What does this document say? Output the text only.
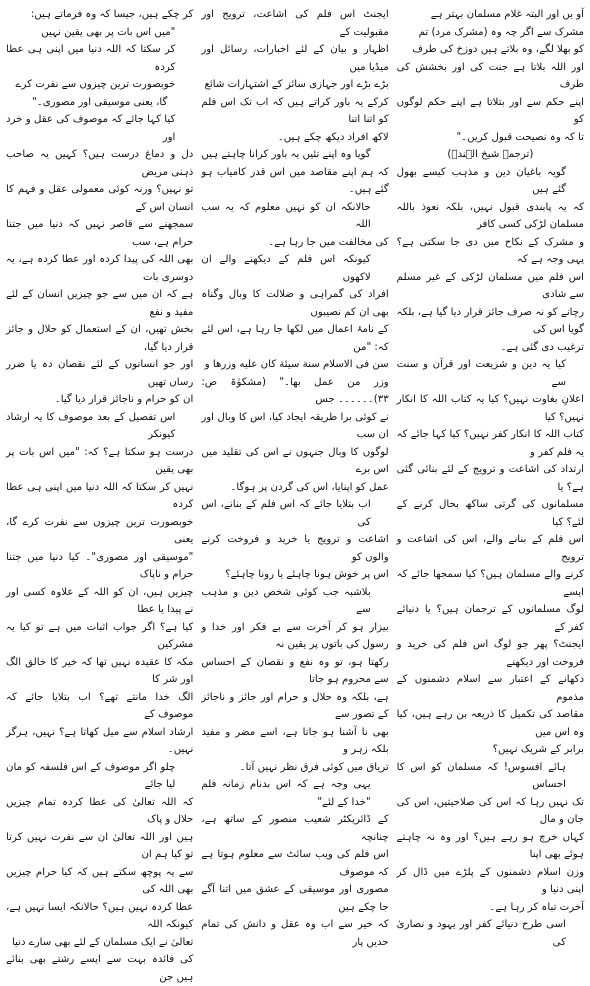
آو یں اور البتہ غلام مسلمان بہتر ہے

مشرک سے اگر چہ وہ (مشرک مرد) تم

کو بھلا لگے، وہ بلاتے ہیں دوزخ کی طرف

اور اللہ بلاتا ہے جنت کی اور بخشش کی طرف

اپنے حکم سے اور بتلاتا ہے اپنے حکم لوگوں کو

تا کہ وہ نصیحت قبول کریں۔"

(ترجمہ شیخ الہندؒ)

گویہ باغیان دین و مذہب کیسے بھول گئے ہیں

کہ یہ پابندی قبول نہیں، بلکہ نعوذ باللہ مسلمان لڑکی کسی کافر

و مشرک کے نکاح میں دی جا سکتی ہے؟ یہی وجہ ہے کہ

اس فلم میں مسلمان لڑکی کے غیر مسلم سے شادی

رچانے کو نہ صرف جائز قرار دیا گیا ہے، بلکہ گویا اس کی

ترغیب دی گئی ہے۔

کیا یہ دین و شریعت اور قرآن و سنت سے

اعلانِ بغاوت نہیں؟ کیا یہ کتاب اللہ کا انکار نہیں؟ کیا

کتاب اللہ کا انکار کفر نہیں؟ کیا کہا جائے کہ یہ فلم کفر و

ارتداد کی اشاعت و ترویج کے لئے بنائی گئی ہے؟ یا

مسلمانوں کی گرتی ساکھ بحال کرنے کے لئے؟ کیا

اس فلم کے بنانے والے، اس کی اشاعت و ترویج

کرنے والے مسلمان ہیں؟ کیا سمجھا جائے کہ ایسے

لوگ مسلمانوں کے ترجمان ہیں؟ یا دنیائے کفر کے

ایجنٹ؟ پھر جو لوگ اس فلم کی خرید و فروخت اور دیکھنے

دکھانے کے اعتبار سے اسلام دشمنوں کے مذموم

مقاصد کی تکمیل کا ذریعہ بن رہے ہیں، کیا وہ اس میں

برابر کے شریک نہیں؟

ہائے افسوس! کہ مسلمان کو اس کا احساس

تک نہیں رہا کہ اس کی صلاحیتیں، اس کی جان و مال

کہاں خرچ ہو رہے ہیں؟ اور وہ نہ چاہتے ہوئے بھی اپنا

وزن اسلام دشمنوں کے پلڑے میں ڈال کر اپنی دنیا و

آخرت تباہ کر رہا ہے۔

اسی طرح دنیائے کفر اور یہود و نصاریٰ کی

ایجنٹ اس فلم کی اشاعت، ترویج اور مقبولیت کے

اظہار و بیان کے لئے اخبارات، رسائل اور میڈیا میں

بڑے بڑے اور جہازی سائز کے اشتہارات شائع

کرکے یہ باور کراتے ہیں کہ اب تک اس فلم کو اتنا اتنا

لاکھ افراد دیکھ چکے ہیں۔

گویا وہ اپنے تئیں یہ باور کرانا چاہتے ہیں

کہ ہم اپنے مقاصد میں اس قدر کامیاب ہو گئے ہیں۔

حالانکہ ان کو نہیں معلوم کہ یہ سب اللہ

کی مخالفت میں جا رہا ہے۔

کیونکہ اس فلم کے دیکھنے والے ان لاکھوں

افراد کی گمراہی و ضلالت کا وبال وگناہ بھی ان کم نصیبوں

کے نامۂ اعمال میں لکھا جا رہا ہے، اس لئے کہ: "من

سن فی الاسلام سنة سیئة کان علیه وزرها و

وزر من عمل بها۔" (مشکوٰۃ ص: ۳۳)۔۔۔۔۔۔ جس

نے کوئی برا طریقہ ایجاد کیا، اس کا وبال اور ان سب

لوگوں کا وبال جنہوں نے اس کی تقلید میں اس برے

عمل کو اپنایا، اس کی گردن پر ہوگا۔

اب بتلایا جائے کہ اس فلم کے بنانے، اس کی

اشاعت و ترویج یا خرید و فروخت کرنے والوں کو

اس پر خوش ہونا چاہئے یا رونا چاہئے؟

بلاشبہ جب کوئی شخص دین و مذہب سے

بیزار ہو کر آخرت سے بے فکر اور خدا و رسول کی باتوں پر یقین نہ

رکھتا ہو، تو وہ نفع و نقصان کے احساس سے محروم ہو جاتا

ہے، بلکہ وہ حلال و حرام اور جائز و ناجائز کے تصور سے

بھی نا آشنا ہو جاتا ہے، اسے مضر و مفید بلکہ زہر و

تریاق میں کوئی فرق نظر نہیں آتا۔

یہی وجہ ہے کہ اس بدنام زمانہ فلم "خدا کے لئے"

کے ڈائریکٹر شعیب منصور کے ساتھ ہے، چنانچہ

اس فلم کی ویب سائٹ سے معلوم ہوتا ہے کہ موصوف

مصوری اور موسیقی کے عشق میں اتنا آگے جا چکے ہیں

کہ خیر سے اب وہ عقل و دانش کی تمام حدیں پار

کر چکے ہیں، جیسا کہ وہ فرماتے ہیں:

"میں اس بات پر بھی یقین نہیں

کر سکتا کہ اللہ دنیا میں اپنی ہی عطا کردہ

خوبصورت ترین چیزوں سے نفرت کرے

گا، یعنی موسیقی اور مصوری۔"

کیا کہا جائے کہ موصوف کی عقل و خرد اور

دل و دماغ درست ہیں؟ کہیں یہ صاحب ذہنی مریض

تو نہیں؟ ورنہ کوئی معمولی عقل و فہم کا انسان اس کے

سمجھنے سے قاصر نہیں کہ دنیا میں جتنا حرام ہے، سب

بھی اللہ کی پیدا کردہ اور عطا کردہ ہے، یہ دوسری بات

ہے کہ ان میں سے جو چیزیں انسان کے لئے مفید و نفع

بخش تھیں، ان کے استعمال کو حلال و جائز قرار دیا گیا،

اور جو انسانوں کے لئے نقصان دہ یا ضرر رساں تھیں

ان کو حرام و ناجائز قرار دیا گیا۔

اس تفصیل کے بعد موصوف کا یہ ارشاد کیونکر

درست ہو سکتا ہے؟ کہ: "میں اس بات پر بھی یقین

نہیں کر سکتا کہ اللہ دنیا میں اپنی ہی عطا کردہ

خوبصورت ترین چیزوں سے نفرت کرے گا، یعنی

"موسیقی اور مصوری"۔ کیا دنیا میں جتنا حرام و ناپاک

چیزیں ہیں، ان کو اللہ کے علاوہ کسی اور نے پیدا یا عطا

کیا ہے؟ اگر جواب اثبات میں ہے تو کیا یہ مشرکین

مکہ کا عقیدہ نہیں تھا کہ خیر کا خالق الگ اور شر کا

الگ خدا مانتے تھے؟ اب بتلایا جائے کہ موصوف کے

ارشاد اسلام سے میل کھاتا ہے؟ نہیں، ہرگز نہیں۔

چلو اگر موصوف کے اس فلسفہ کو مان لیا جائے

کہ اللہ تعالیٰ کی عطا کردہ تمام چیزیں حلال و پاک

ہیں اور اللہ تعالیٰ ان سے نفرت نہیں کرتا تو کیا ہم ان

سے یہ پوچھ سکتے ہیں کہ کیا حرام چیزیں بھی اللہ کی

عطا کردہ نہیں ہیں؟ حالانکہ ایسا نہیں ہے، کیونکہ اللہ

تعالیٰ نے ایک مسلمان کے لئے بھی سارے دنیا

کی فائدہ بہت سے ایسے رشتے بھی بنائے ہیں جن
